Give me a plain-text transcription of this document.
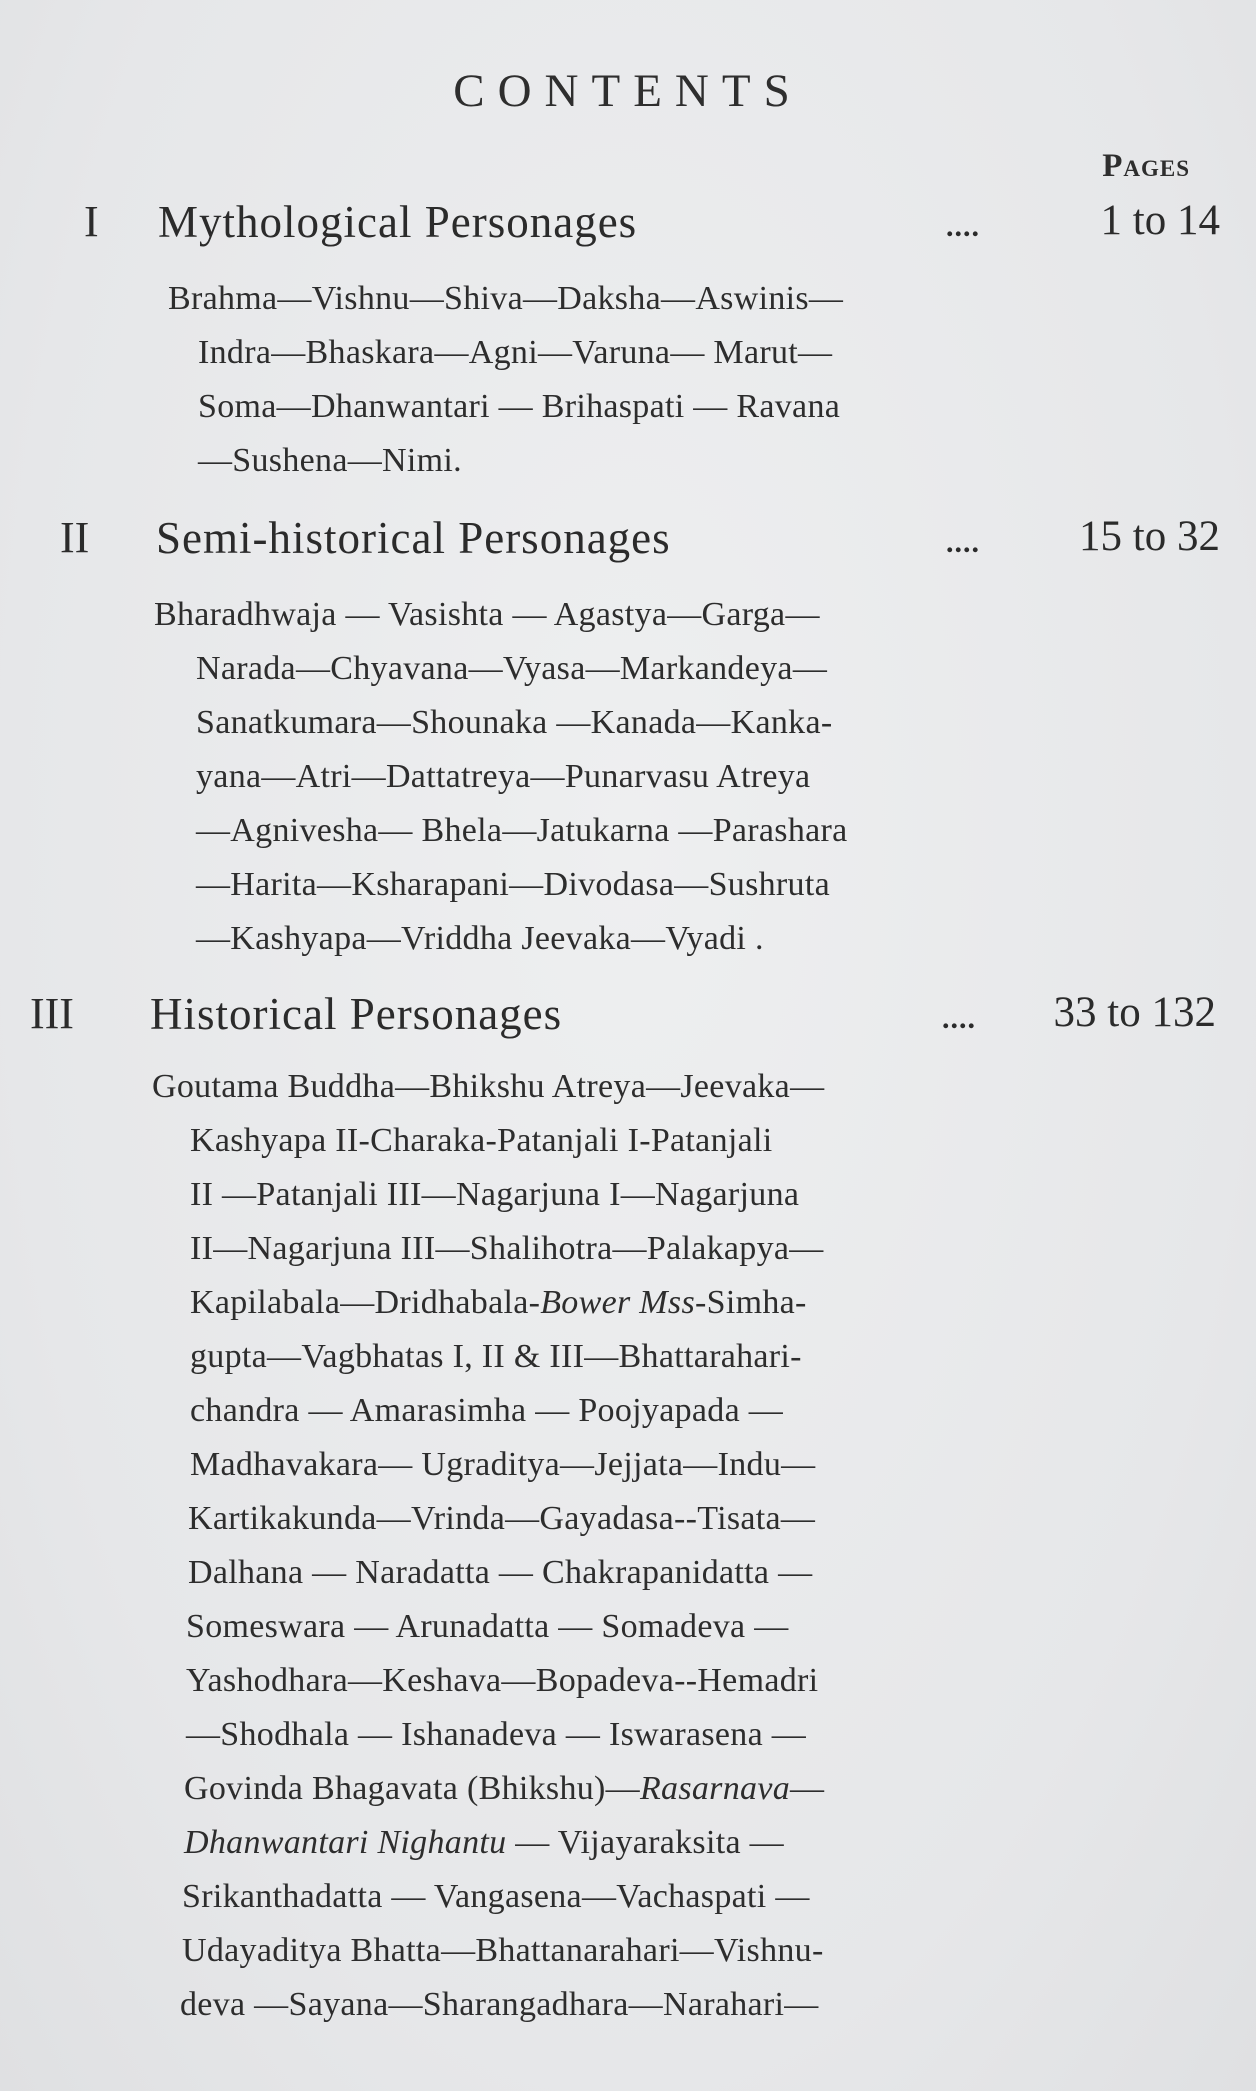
CONTENTS
Pages
I Mythological Personages	....	1 to 14
Brahma—Vishnu—Shiva—Daksha—Aswinis—
Indra—Bhaskara—Agni—Varuna— Marut—
Soma—Dhanwantari — Brihaspati — Ravana
—Sushena—Nimi.
II Semi-historical Personages	.... 15 to 32
Bharadhwaja — Vasishta — Agastya—Garga—
Narada—Chyavana—Vyasa—Markandeya—
Sanatkumara—Shounaka —Kanada—Kanka-
yana—Atri—Dattatreya—Punarvasu Atreya
—Agnivesha— Bhela—Jatukarna —Parashara
—Harita—Ksharapani—Divodasa—Sushruta
—Kashyapa—Vriddha Jeevaka—Vyadi .
III Historical Personages	.... 33 to 132
Goutama Buddha—Bhikshu Atreya—Jeevaka—
Kashyapa II-Charaka-Patanjali I-Patanjali
II —Patanjali III—Nagarjuna I—Nagarjuna
II—Nagarjuna III—Shalihotra—Palakapya—
Kapilabala—Dridhabala-Bower Mss-Simha-
gupta—Vagbhatas I, II & III—Bhattarahari-
chandra — Amarasimha — Poojyapada —
Madhavakara— Ugraditya—Jejjata—Indu—
Kartikakunda—Vrinda—Gayadasa--Tisata—
Dalhana — Naradatta — Chakrapanidatta —
Someswara — Arunadatta — Somadeva —
Yashodhara—Keshava—Bopadeva--Hemadri
—Shodhala — Ishanadeva — Iswarasena —
Govinda Bhagavata (Bhikshu)—Rasarnava—
Dhanwantari Nighantu — Vijayaraksita —
Srikanthadatta — Vangasena—Vachaspati —
Udayaditya Bhatta—Bhattanarahari—Vishnu-
deva —Sayana—Sharangadhara—Narahari—
